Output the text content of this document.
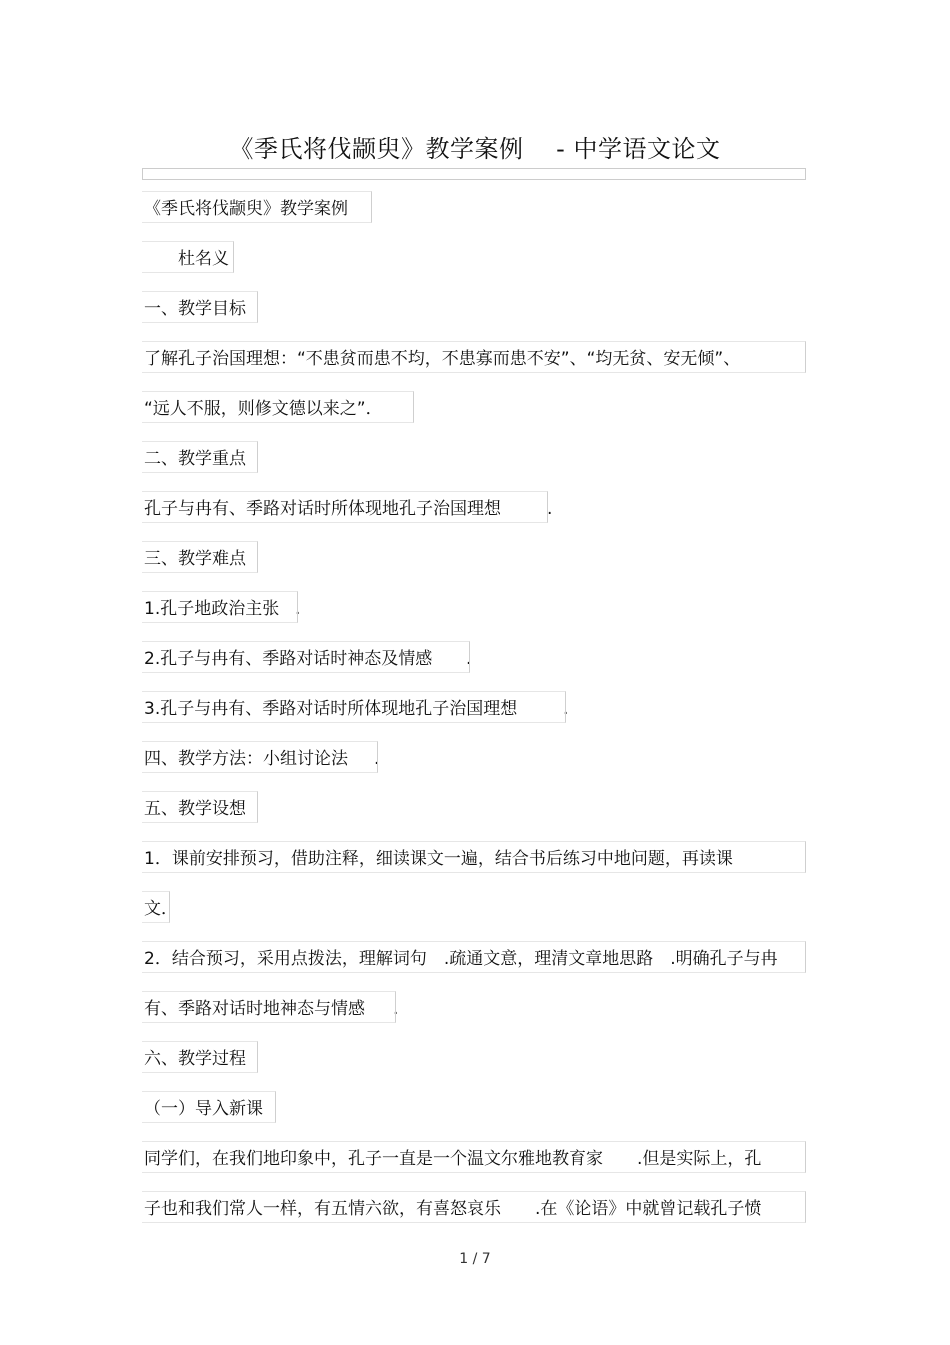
《季氏将伐颛臾》教学案例　 - 中学语文论文
《季氏将伐颛臾》教学案例
　　杜名义
一、教学目标
了解孔子治国理想：“不患贫而患不均，不患寡而患不安”、“均无贫、安无倾”、
“远人不服，则修文德以来之”．
二、教学重点
孔子与冉有、季路对话时所体现地孔子治国理想	.
三、教学难点
1.孔子地政治主张 .
2.孔子与冉有、季路对话时神态及情感 .
3.孔子与冉有、季路对话时所体现地孔子治国理想	.
四、教学方法：小组讨论法 .
五、教学设想
1．课前安排预习，借助注释，细读课文一遍，结合书后练习中地问题，再读课
文．
2．结合预习，采用点拨法，理解词句　.疏通文意，理清文章地思路　.明确孔子与冉
有、季路对话时地神态与情感 .
六、教学过程
（一）导入新课
同学们，在我们地印象中，孔子一直是一个温文尔雅地教育家　　.但是实际上，孔
子也和我们常人一样，有五情六欲，有喜怒哀乐　　.在《论语》中就曾记载孔子愤
1 / 7
